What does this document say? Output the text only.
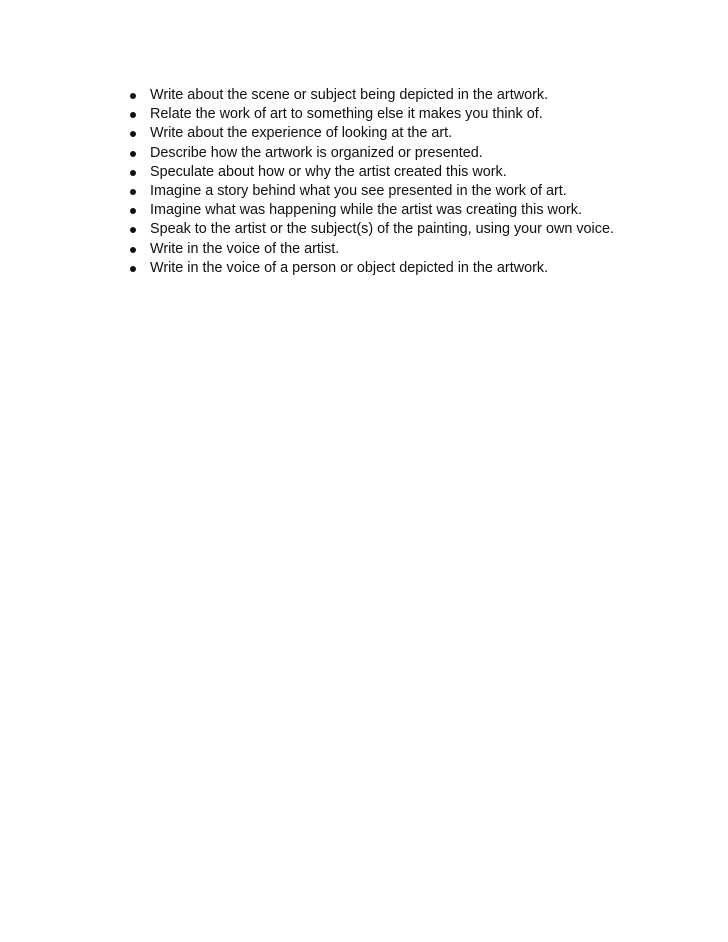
Write about the scene or subject being depicted in the artwork.
Relate the work of art to something else it makes you think of.
Write about the experience of looking at the art.
Describe how the artwork is organized or presented.
Speculate about how or why the artist created this work.
Imagine a story behind what you see presented in the work of art.
Imagine what was happening while the artist was creating this work.
Speak to the artist or the subject(s) of the painting, using your own voice.
Write in the voice of the artist.
Write in the voice of a person or object depicted in the artwork.
